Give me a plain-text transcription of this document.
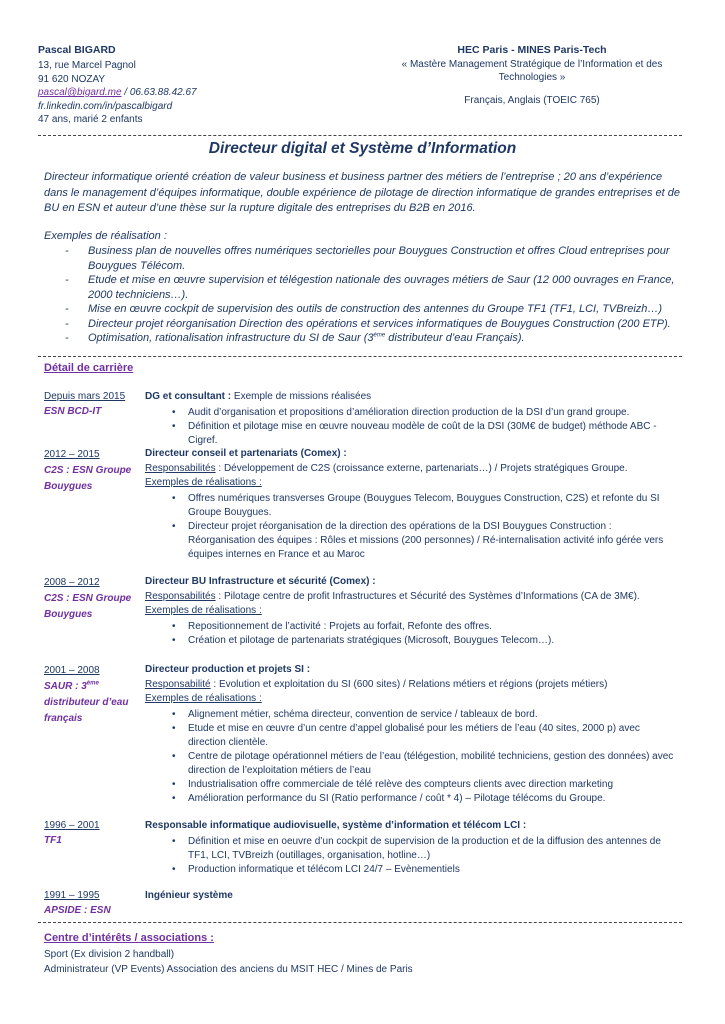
Pascal BIGARD
13, rue Marcel Pagnol
91 620 NOZAY
pascal@bigard.me / 06.63.88.42.67
fr.linkedin.com/in/pascalbigard
47 ans, marié 2 enfants
HEC Paris - MINES Paris-Tech
« Mastère Management Stratégique de l’Information et des
Technologies »
Français, Anglais (TOEIC 765)
Directeur digital et Système d’Information
Directeur informatique orienté création de valeur business et business partner des métiers de l’entreprise ; 20 ans d’expérience dans le management d’équipes informatique, double expérience de pilotage de direction informatique de grandes entreprises et de BU en ESN et auteur d’une thèse sur la rupture digitale des entreprises du B2B en 2016.
Exemples de réalisation :
- Business plan de nouvelles offres numériques sectorielles pour Bouygues Construction et offres Cloud entreprises pour Bouygues Télécom.
- Etude et mise en œuvre supervision et télégestion nationale des ouvrages métiers de Saur (12 000 ouvrages en France, 2000 techniciens…).
- Mise en œuvre cockpit de supervision des outils de construction des antennes du Groupe TF1 (TF1, LCI, TVBreizh…)
- Directeur projet réorganisation Direction des opérations et services informatiques de Bouygues Construction (200 ETP).
- Optimisation, rationalisation infrastructure du SI de Saur (3ème distributeur d’eau Français).
Détail de carrière
Depuis mars 2015
ESN BCD-IT
DG et consultant : Exemple de missions réalisées
• Audit d’organisation et propositions d’amélioration direction production de la DSI d’un grand groupe.
• Définition et pilotage mise en œuvre nouveau modèle de coût de la DSI (30M€ de budget) méthode ABC - Cigref.
2012 – 2015
C2S : ESN Groupe Bouygues
Directeur conseil et partenariats (Comex) :
Responsabilités : Développement de C2S (croissance externe, partenariats…) / Projets stratégiques Groupe.
Exemples de réalisations :
• Offres numériques transverses Groupe (Bouygues Telecom, Bouygues Construction, C2S) et refonte du SI Groupe Bouygues.
• Directeur projet réorganisation de la direction des opérations de la DSI Bouygues Construction : Réorganisation des équipes : Rôles et missions (200 personnes) / Ré-internalisation activité info gérée vers équipes internes en France et au Maroc
2008 – 2012
C2S : ESN Groupe Bouygues
Directeur BU Infrastructure et sécurité (Comex) :
Responsabilités : Pilotage centre de profit Infrastructures et Sécurité des Systèmes d’Informations (CA de 3M€).
Exemples de réalisations :
• Repositionnement de l’activité : Projets au forfait, Refonte des offres.
• Création et pilotage de partenariats stratégiques (Microsoft, Bouygues Telecom…).
2001 – 2008
SAUR : 3ème distributeur d’eau français
Directeur production et projets SI :
Responsabilité : Evolution et exploitation du SI (600 sites) / Relations métiers et régions (projets métiers)
Exemples de réalisations :
• Alignement métier, schéma directeur, convention de service / tableaux de bord.
• Etude et mise en œuvre d’un centre d’appel globalisé pour les métiers de l’eau (40 sites, 2000 p) avec direction clientèle.
• Centre de pilotage opérationnel métiers de l’eau (télégestion, mobilité techniciens, gestion des données) avec direction de l’exploitation métiers de l’eau
• Industrialisation offre commerciale de télé relève des compteurs clients avec direction marketing
• Amélioration performance du SI (Ratio performance / coût * 4) – Pilotage télécoms du Groupe.
1996 – 2001
TF1
Responsable informatique audiovisuelle, système d’information et télécom LCI :
• Définition et mise en oeuvre d’un cockpit de supervision de la production et de la diffusion des antennes de TF1, LCI, TVBreizh (outillages, organisation, hotline…)
• Production informatique et télécom LCI 24/7 – Evènementiels
1991 – 1995
APSIDE : ESN
Ingénieur système
Centre d’intérêts / associations :
Sport (Ex division 2 handball)
Administrateur (VP Events) Association des anciens du MSIT HEC / Mines de Paris
